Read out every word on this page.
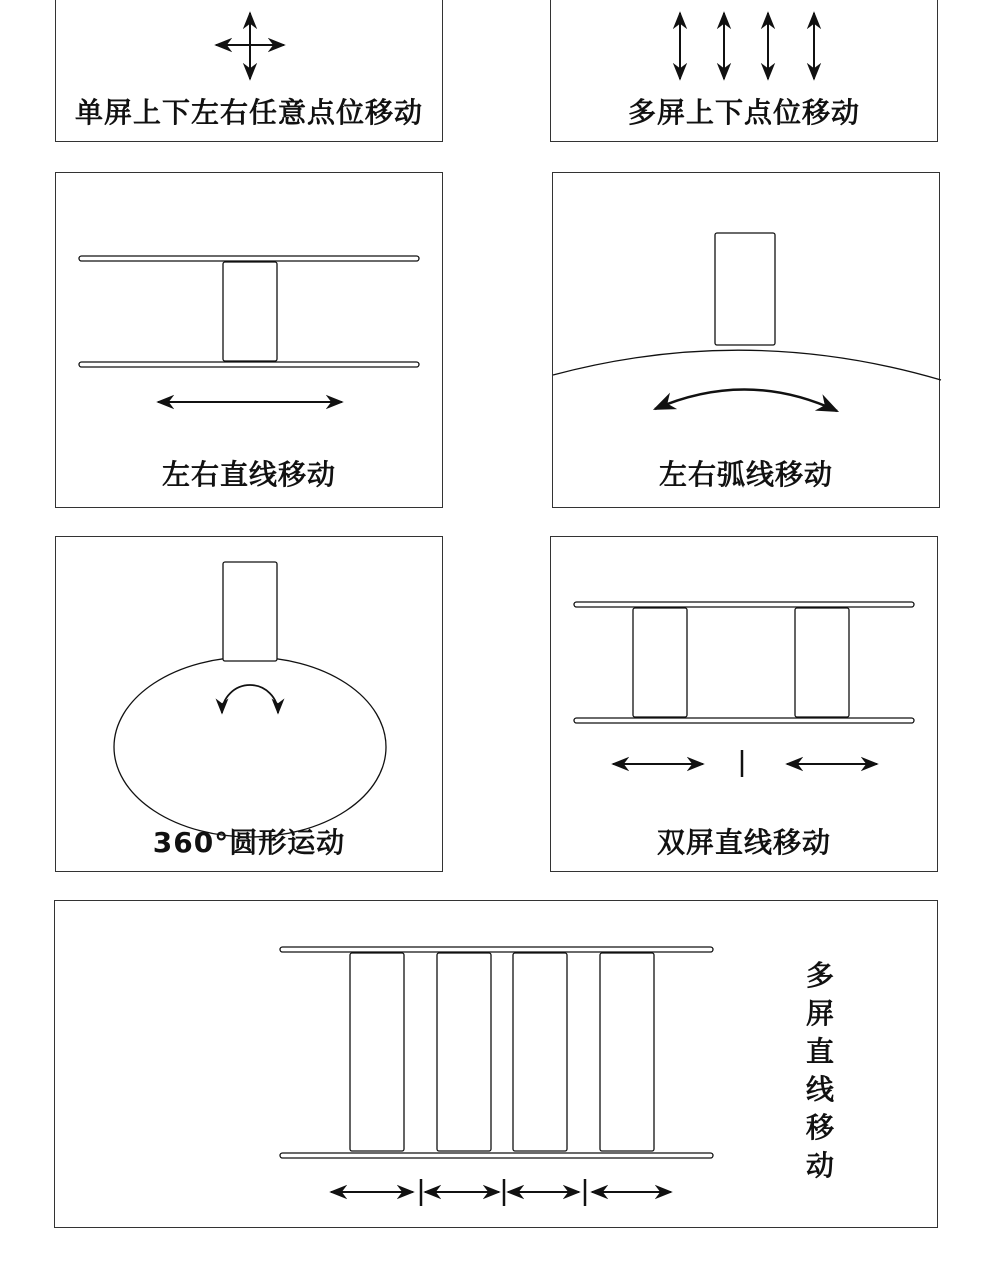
单屏上下左右任意点位移动	多屏上下点位移动
左右直线移动	左右弧线移动
360°圆形运动	双屏直线移动
多
屏
直
线
移
动
